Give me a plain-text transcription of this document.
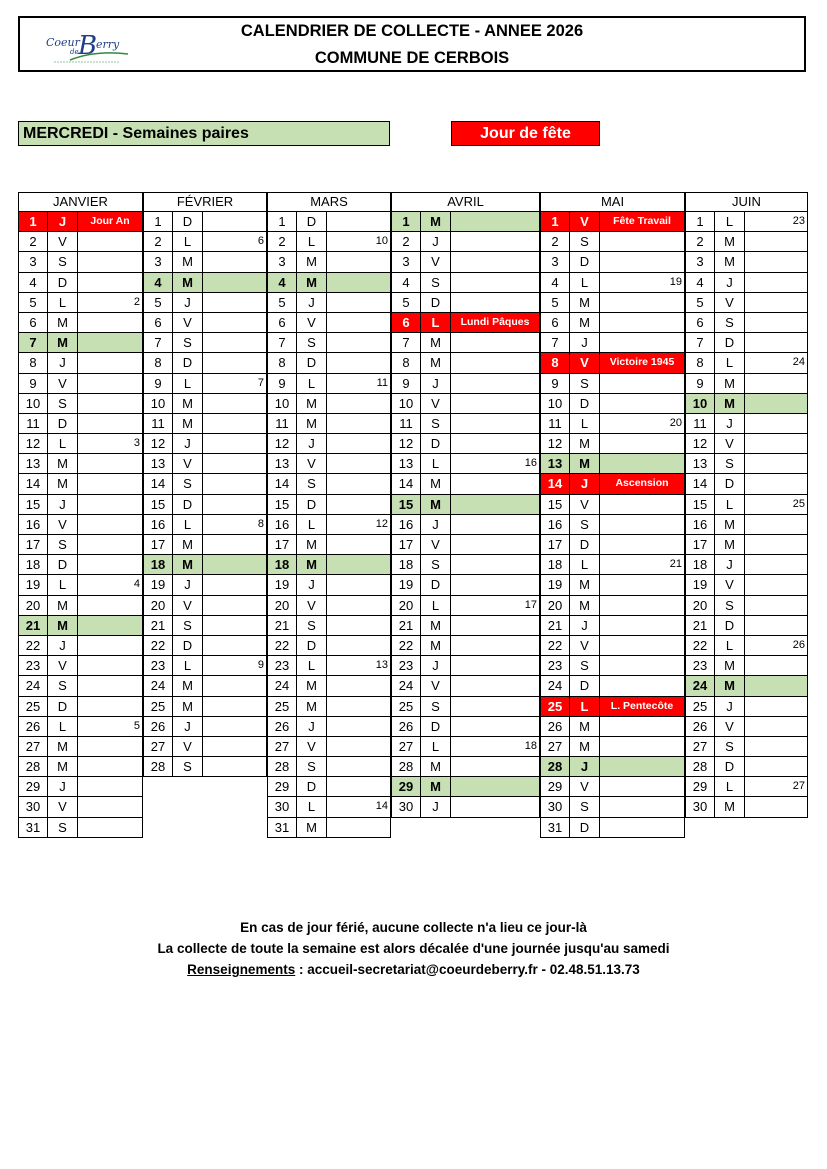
Coeur
de B
erry
CALENDRIER DE COLLECTE - ANNEE 2026
COMMUNE DE CERBOIS
MERCREDI - Semaines paires	Jour de fête
JANVIER
1	J	Jour An
2	V
3	S
4	D
5	L	2
6	M
7	M
8	J
9	V
10	S
11	D
12	L	3
13	M
14	M
15	J
16	V
17	S
18	D
19	L	4
20	M
21	M
22	J
23	V
24	S
25	D
26	L	5
27	M
28	M
29	J
30	V
31	S
FÉVRIER
1	D
2	L	6
3	M
4	M
5	J
6	V
7	S
8	D
9	L	7
10	M
11	M
12	J
13	V
14	S
15	D
16	L	8
17	M
18	M
19	J
20	V
21	S
22	D
23	L	9
24	M
25	M
26	J
27	V
28	S
MARS
1	D
2	L	10
3	M
4	M
5	J
6	V
7	S
8	D
9	L	11
10	M
11	M
12	J
13	V
14	S
15	D
16	L	12
17	M
18	M
19	J
20	V
21	S
22	D
23	L	13
24	M
25	M
26	J
27	V
28	S
29	D
30	L	14
31	M
AVRIL
1	M
2	J
3	V
4	S
5	D
6	L	Lundi Pâques
7	M
8	M
9	J
10	V
11	S
12	D
13	L	16
14	M
15	M
16	J
17	V
18	S
19	D
20	L	17
21	M
22	M
23	J
24	V
25	S
26	D
27	L	18
28	M
29	M
30	J
MAI
1	V	Fête Travail
2	S
3	D
4	L	19
5	M
6	M
7	J
8	V	Victoire 1945
9	S
10	D
11	L	20
12	M
13	M
14	J	Ascension
15	V
16	S
17	D
18	L	21
19	M
20	M
21	J
22	V
23	S
24	D
25	L	L. Pentecôte
26	M
27	M
28	J
29	V
30	S
31	D
JUIN
1	L	23
2	M
3	M
4	J
5	V
6	S
7	D
8	L	24
9	M
10	M
11	J
12	V
13	S
14	D
15	L	25
16	M
17	M
18	J
19	V
20	S
21	D
22	L	26
23	M
24	M
25	J
26	V
27	S
28	D
29	L	27
30	M
En cas de jour férié, aucune collecte n'a lieu ce jour-là
La collecte de toute la semaine est alors décalée d'une journée jusqu'au samedi
Renseignements : accueil-secretariat@coeurdeberry.fr - 02.48.51.13.73
